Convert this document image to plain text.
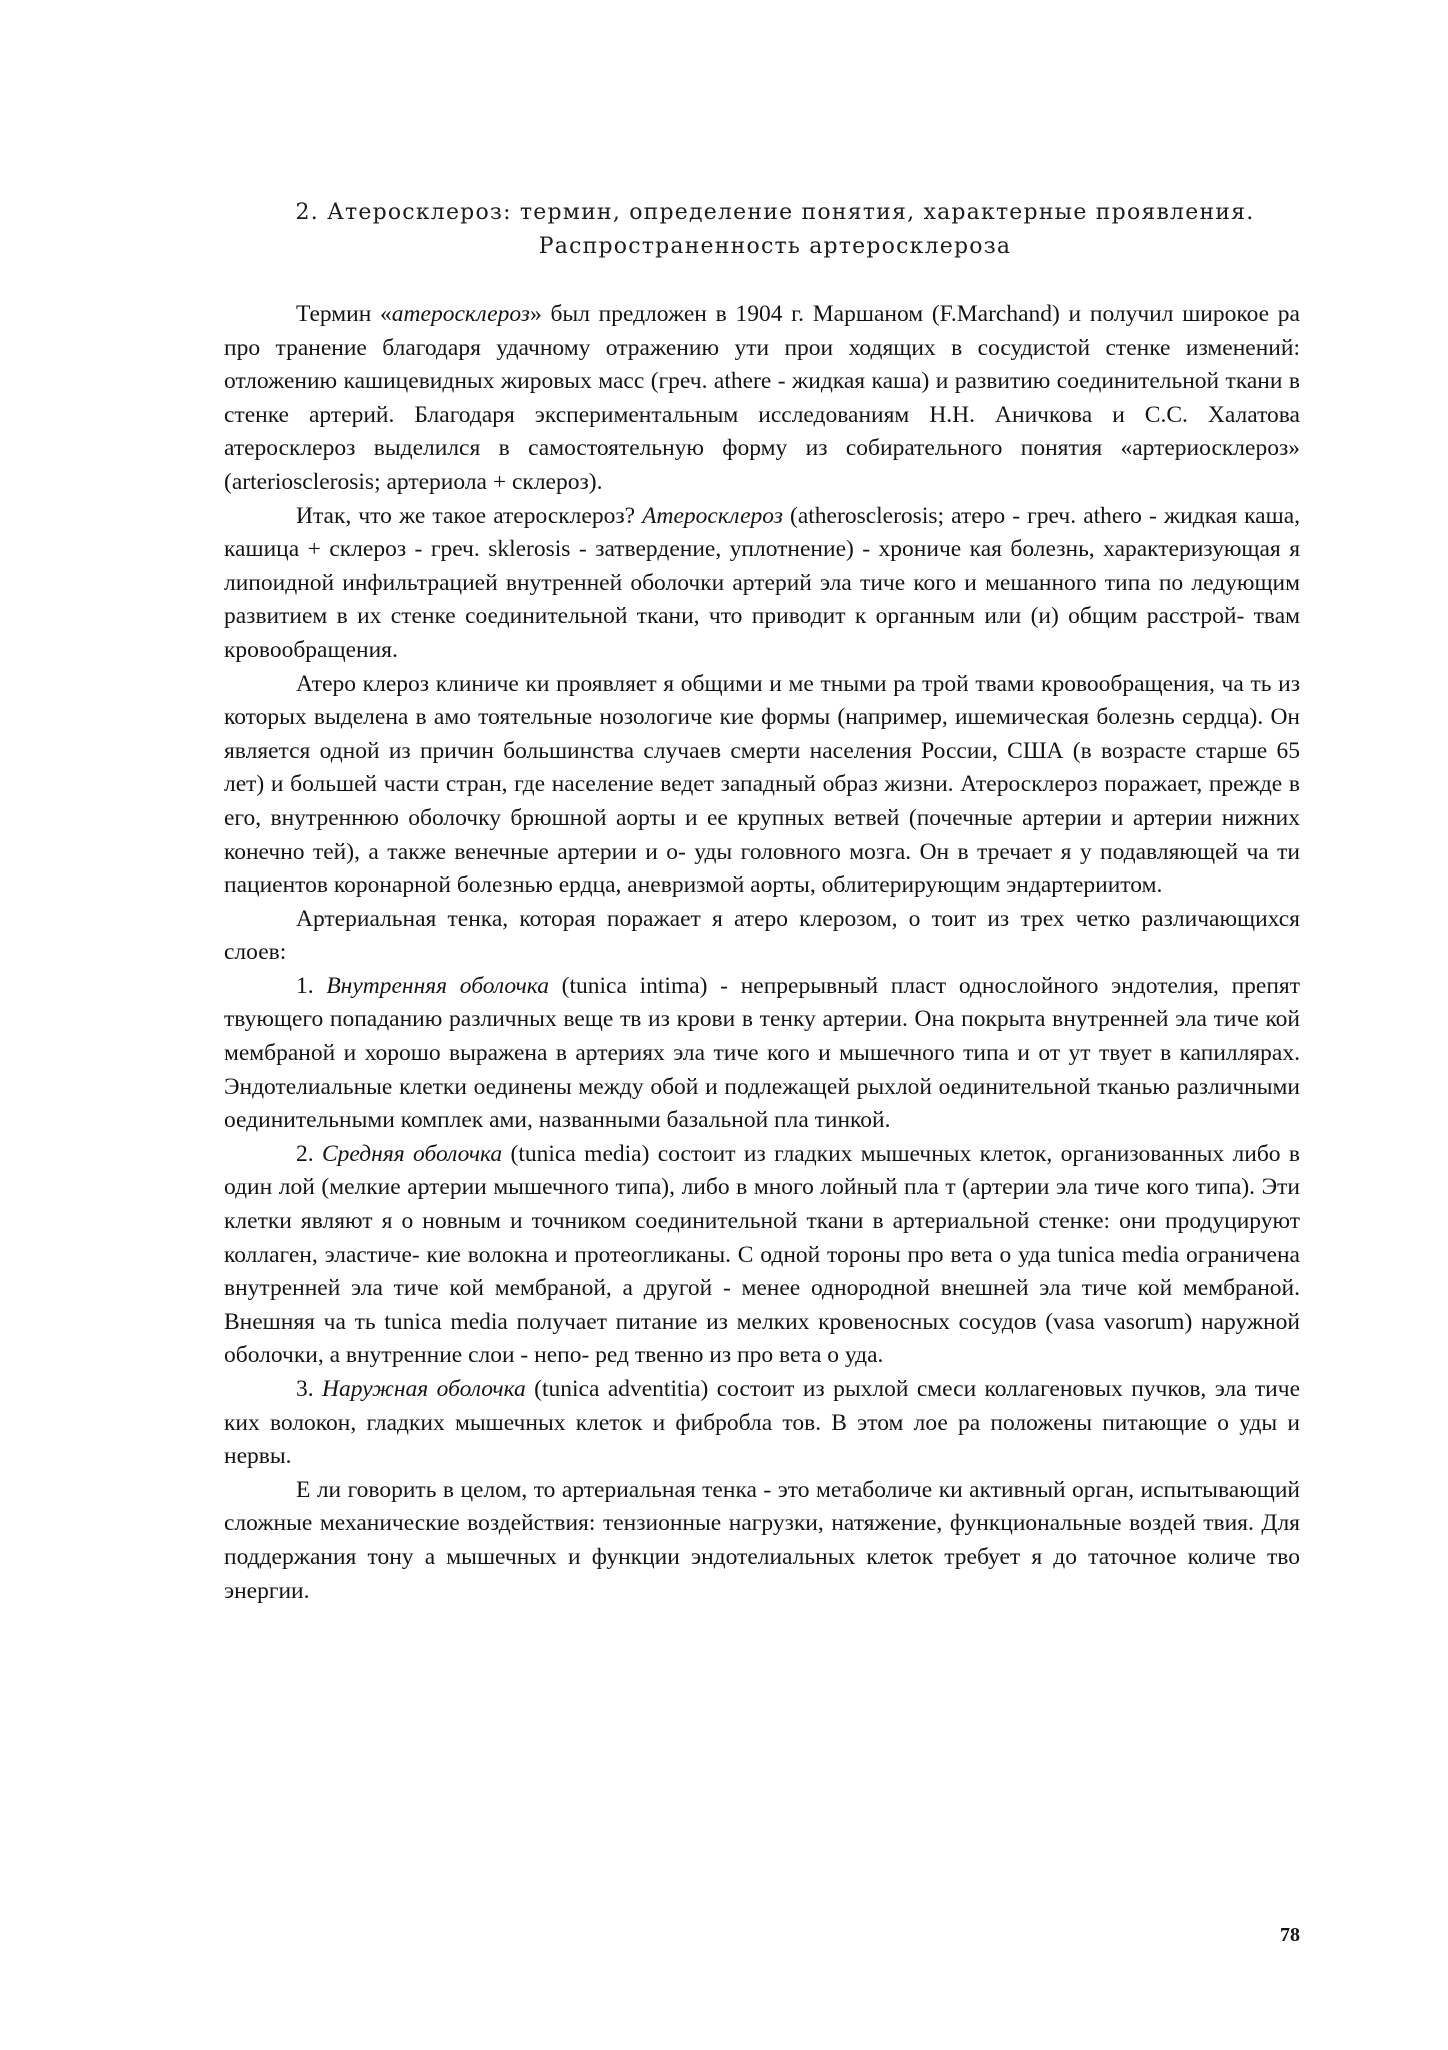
2. Атеросклероз: термин, определение понятия, характерные проявления.
Распространенность артеросклероза

Термин «атеросклероз» был предложен в 1904 г. Маршаном (F.Marchand) и получил широкое ра про транение благодаря удачному отражению ути прои ходящих в сосудистой стенке изменений: отложению кашицевидных жировых масс (греч. athere - жидкая каша) и развитию соединительной ткани в стенке артерий. Благодаря экспериментальным исследованиям Н.Н. Аничкова и С.С. Халатова атеросклероз выделился в самостоятельную форму из собирательного понятия «артериосклероз» (arteriosclerosis; артериола + склероз).

Итак, что же такое атеросклероз? Атеросклероз (atherosclerosis; атеро - греч. athero - жидкая каша, кашица + склероз - греч. sklerosis - затвердение, уплотнение) - хрониче кая болезнь, характеризующая я липоидной инфильтрацией внутренней оболочки артерий эла тиче кого и мешанного типа по ледующим развитием в их стенке соединительной ткани, что приводит к органным или (и) общим расстрой- твам кровообращения.

Атеро клероз клиниче ки проявляет я общими и ме тными ра трой твами кровообращения, ча ть из которых выделена в амо тоятельные нозологиче кие формы (например, ишемическая болезнь сердца). Он является одной из причин большинства случаев смерти населения России, США (в возрасте старше 65 лет) и большей части стран, где население ведет западный образ жизни. Атеросклероз поражает, прежде в его, внутреннюю оболочку брюшной аорты и ее крупных ветвей (почечные артерии и артерии нижних конечно тей), а также венечные артерии и о- уды головного мозга. Он в тречает я у подавляющей ча ти пациентов коронарной болезнью ердца, аневризмой аорты, облитерирующим эндартериитом.

Артериальная тенка, которая поражает я атеро клерозом, о тоит из трех четко различающихся слоев:

1. Внутренняя оболочка (tunica intima) - непрерывный пласт однослойного эндотелия, препят твующего попаданию различных веще тв из крови в тенку артерии. Она покрыта внутренней эла тиче кой мембраной и хорошо выражена в артериях эла тиче кого и мышечного типа и от ут твует в капиллярах. Эндотелиальные клетки оединены между обой и подлежащей рыхлой оединительной тканью различными оединительными комплек ами, названными базальной пла тинкой.

2. Средняя оболочка (tunica media) состоит из гладких мышечных клеток, организованных либо в один лой (мелкие артерии мышечного типа), либо в много лойный пла т (артерии эла тиче кого типа). Эти клетки являют я о новным и точником соединительной ткани в артериальной стенке: они продуцируют коллаген, эластиче- кие волокна и протеогликаны. С одной тороны про вета о уда tunica media ограничена внутренней эла тиче кой мембраной, а другой - менее однородной внешней эла тиче кой мембраной. Внешняя ча ть tunica media получает питание из мелких кровеносных сосудов (vasa vasorum) наружной оболочки, а внутренние слои - непо- ред твенно из про вета о уда.

3. Наружная оболочка (tunica adventitia) состоит из рыхлой смеси коллагеновых пучков, эла тиче ких волокон, гладких мышечных клеток и фибробла тов. В этом лое ра положены питающие о уды и нервы.

Е ли говорить в целом, то артериальная тенка - это метаболиче ки активный орган, испытывающий сложные механические воздействия: тензионные нагрузки, натяжение, функциональные воздей твия. Для поддержания тону а мышечных и функции эндотелиальных клеток требует я до таточное количе тво энергии.

78
